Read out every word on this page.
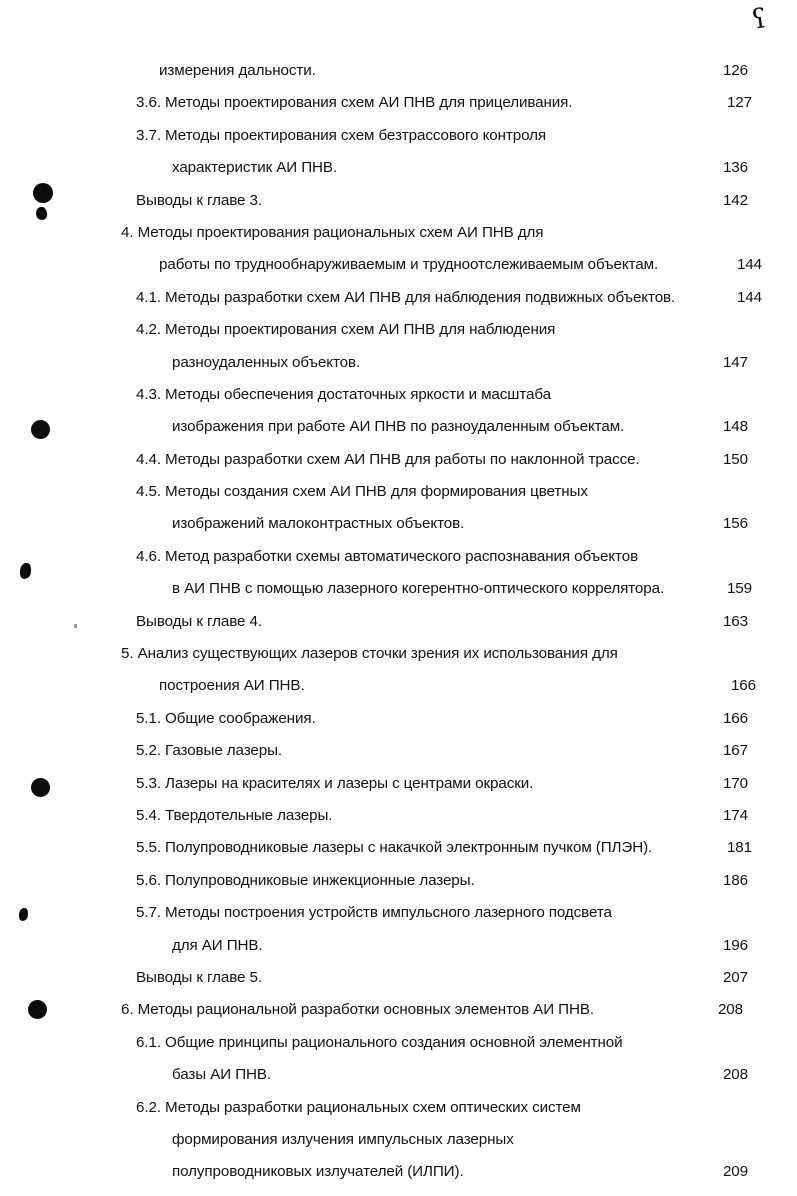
ʕ
измерения дальности.	126
3.6. Методы проектирования схем АИ ПНВ для прицеливания.	127
3.7. Методы проектирования схем безтрассового контроля
характеристик АИ ПНВ.	136
Выводы к главе 3.	142
4. Методы проектирования рациональных схем АИ ПНВ для
работы по труднообнаруживаемым и трудноотслеживаемым объектам.	144
4.1. Методы разработки схем АИ ПНВ для наблюдения подвижных объектов.	144
4.2. Методы проектирования схем АИ ПНВ для наблюдения
разноудаленных объектов.	147
4.3. Методы обеспечения достаточных яркости и масштаба
изображения при работе АИ ПНВ по разноудаленным объектам.	148
4.4. Методы разработки схем АИ ПНВ для работы по наклонной трассе.	150
4.5. Методы создания схем АИ ПНВ для формирования цветных
изображений малоконтрастных объектов.	156
4.6. Метод разработки схемы автоматического распознавания объектов
в АИ ПНВ с помощью лазерного когерентно-оптического коррелятора.	159
Выводы к главе 4.	163
5. Анализ существующих лазеров сточки зрения их использования для
построения АИ ПНВ.	166
5.1. Общие соображения.	166
5.2. Газовые лазеры.	167
5.3. Лазеры на красителях и лазеры с центрами окраски.	170
5.4. Твердотельные лазеры.	174
5.5. Полупроводниковые лазеры с накачкой электронным пучком (ПЛЭН).	181
5.6. Полупроводниковые инжекционные лазеры.	186
5.7. Методы построения устройств импульсного лазерного подсвета
для АИ ПНВ.	196
Выводы к главе 5.	207
6. Методы рациональной разработки основных элементов АИ ПНВ.	208
6.1. Общие принципы рационального создания основной элементной
базы АИ ПНВ.	208
6.2. Методы разработки рациональных схем оптических систем
формирования излучения импульсных лазерных
полупроводниковых излучателей (ИЛПИ).	209
